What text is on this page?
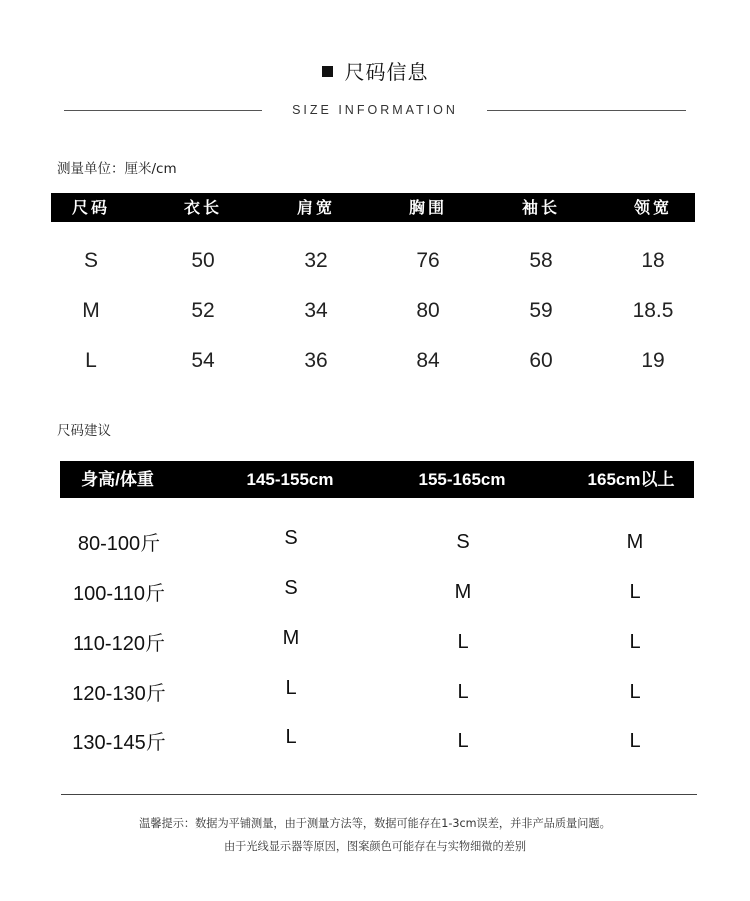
尺码信息
SIZE INFORMATION
测量单位：厘米/cm
尺码	衣长	肩宽	胸围	袖长	领宽
S	50	32	76	58	18
M	52	34	80	59	18.5
L	54	36	84	60	19
尺码建议
身高/体重	145-155cm	155-165cm	165cm以上
80-100斤	S	S	M
100-110斤	S	M	L
110-120斤	M	L	L
120-130斤	L	L	L
130-145斤	L	L	L
温馨提示：数据为平铺测量，由于测量方法等，数据可能存在1-3cm误差，并非产品质量问题。
由于光线显示器等原因，图案颜色可能存在与实物细微的差别
